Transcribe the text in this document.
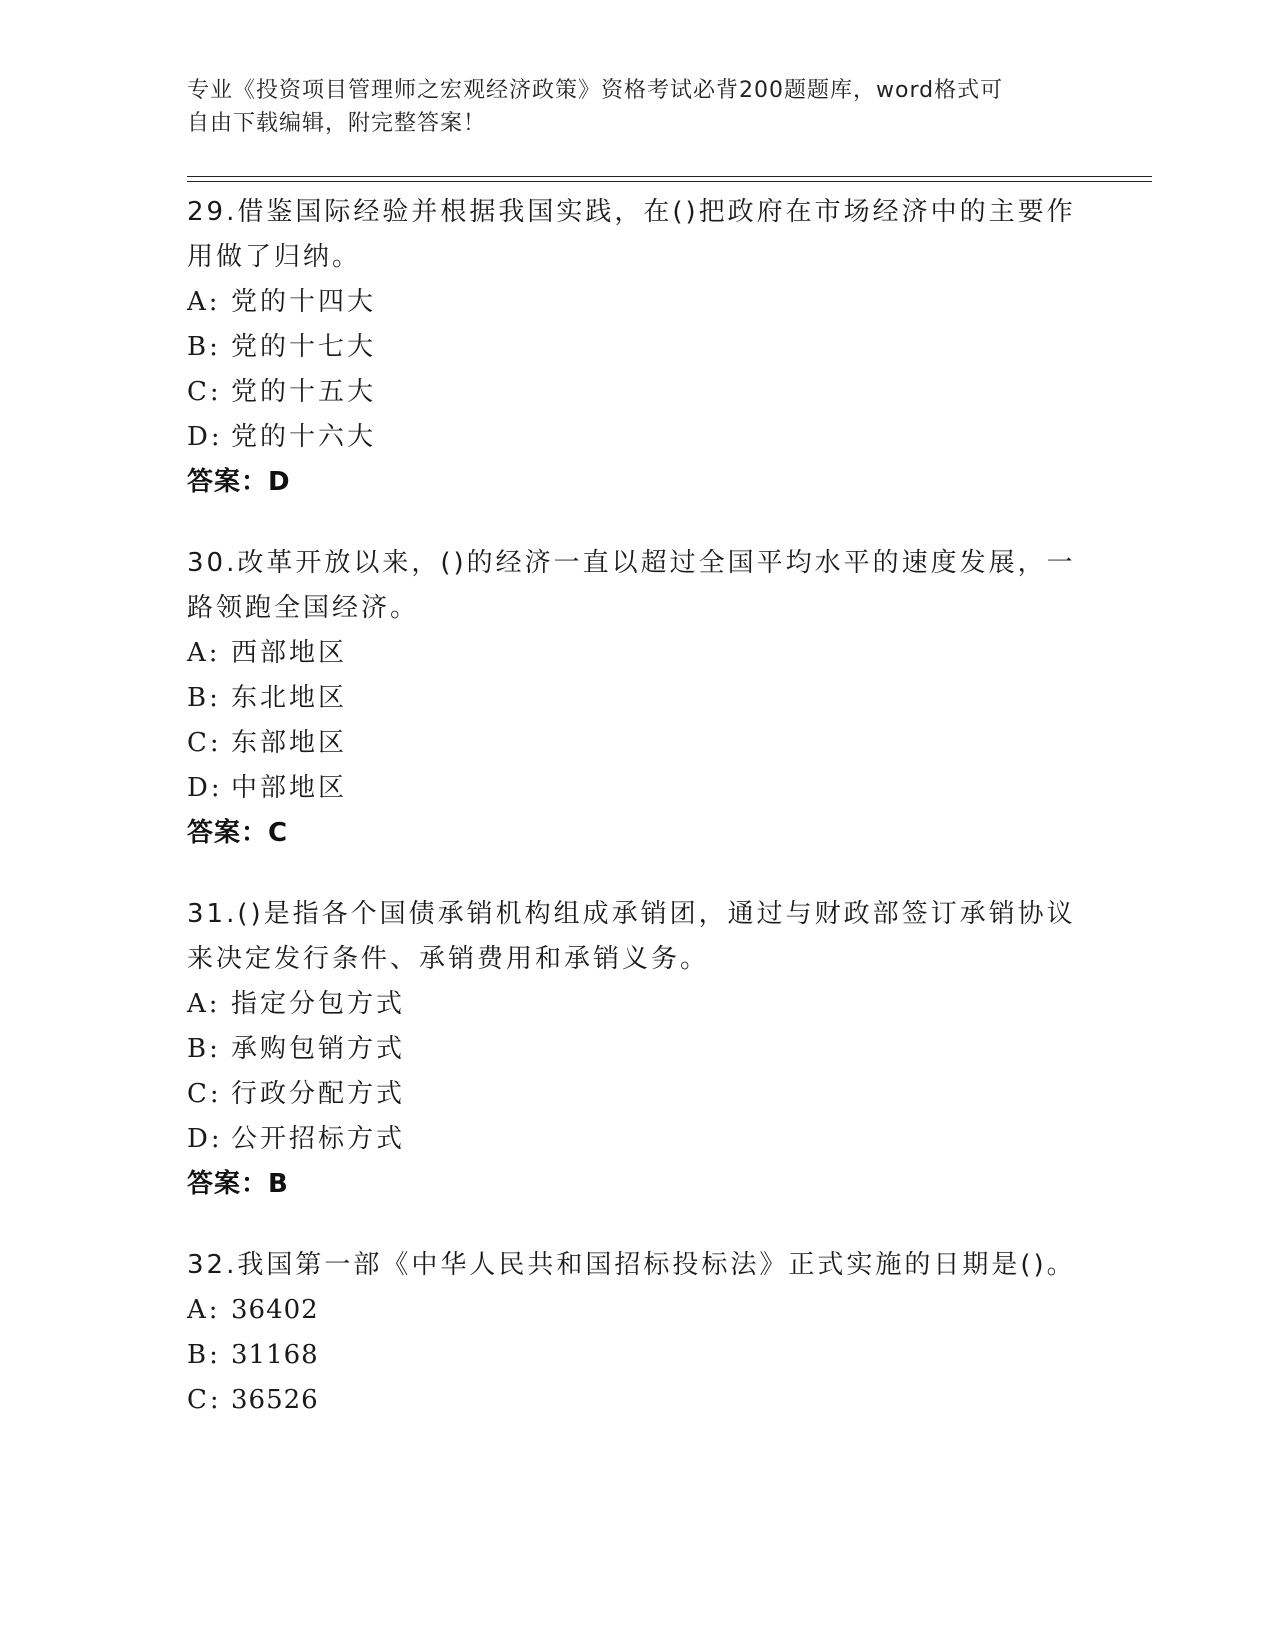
专业《投资项目管理师之宏观经济政策》资格考试必背200题题库，word格式可
自由下载编辑，附完整答案！
29.借鉴国际经验并根据我国实践，在()把政府在市场经济中的主要作
用做了归纳。
A: 党的十四大
B: 党的十七大
C: 党的十五大
D: 党的十六大
答案：D
30.改革开放以来，()的经济一直以超过全国平均水平的速度发展，一
路领跑全国经济。
A: 西部地区
B: 东北地区
C: 东部地区
D: 中部地区
答案：C
31.()是指各个国债承销机构组成承销团，通过与财政部签订承销协议
来决定发行条件、承销费用和承销义务。
A: 指定分包方式
B: 承购包销方式
C: 行政分配方式
D: 公开招标方式
答案：B
32.我国第一部《中华人民共和国招标投标法》正式实施的日期是()。
A: 36402
B: 31168
C: 36526
